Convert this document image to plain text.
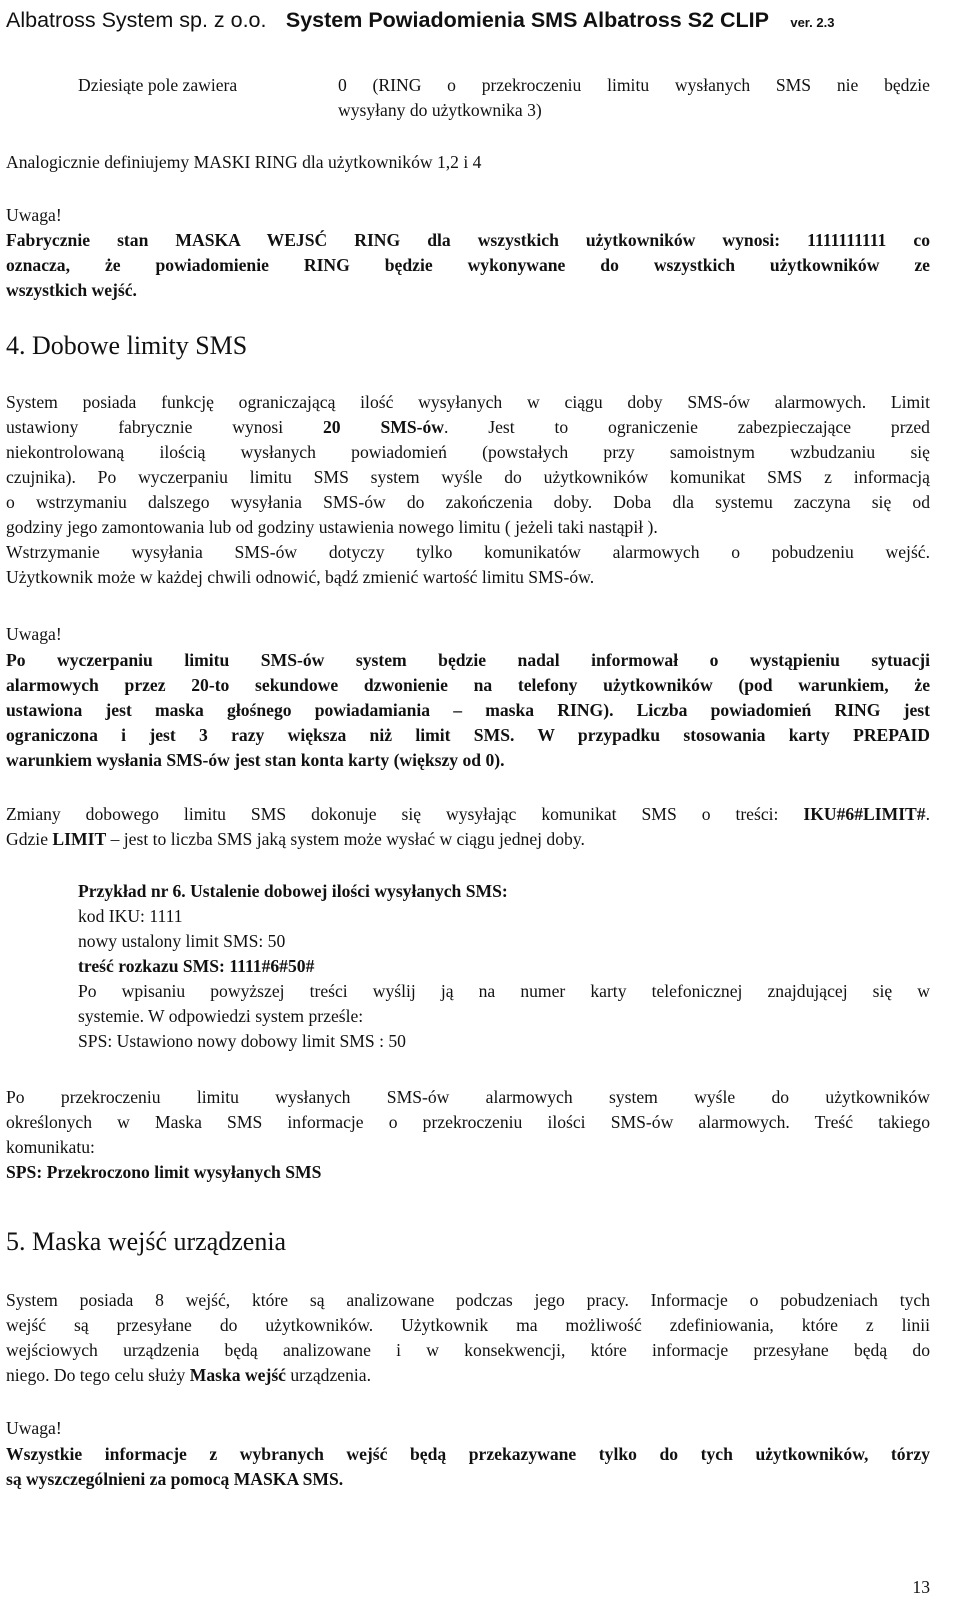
Albatross System sp. z o.o. System Powiadomienia SMS Albatross S2 CLIP ver. 2.3
Dziesiąte pole zawiera	0 (RING o przekroczeniu limitu wysłanych SMS nie będzie
wysyłany do użytkownika 3)
Analogicznie definiujemy MASKI RING dla użytkowników 1,2 i 4
Uwaga!
Fabrycznie stan MASKA WEJSĆ RING dla wszystkich użytkowników wynosi: 1111111111 co
oznacza, że powiadomienie RING będzie wykonywane do wszystkich użytkowników ze
wszystkich wejść.
4. Dobowe limity SMS
System posiada funkcję ograniczającą ilość wysyłanych w ciągu doby SMS-ów alarmowych. Limit
ustawiony fabrycznie wynosi 20 SMS-ów. Jest to ograniczenie zabezpieczające przed
niekontrolowaną ilością wysłanych powiadomień (powstałych przy samoistnym wzbudzaniu się
czujnika). Po wyczerpaniu limitu SMS system wyśle do użytkowników komunikat SMS z informacją
o wstrzymaniu dalszego wysyłania SMS-ów do zakończenia doby. Doba dla systemu zaczyna się od
godziny jego zamontowania lub od godziny ustawienia nowego limitu ( jeżeli taki nastąpił ).
Wstrzymanie wysyłania SMS-ów dotyczy tylko komunikatów alarmowych o pobudzeniu wejść.
Użytkownik może w każdej chwili odnowić, bądź zmienić wartość limitu SMS-ów.
Uwaga!
Po wyczerpaniu limitu SMS-ów system będzie nadal informował o wystąpieniu sytuacji
alarmowych przez 20-to sekundowe dzwonienie na telefony użytkowników (pod warunkiem, że
ustawiona jest maska głośnego powiadamiania – maska RING). Liczba powiadomień RING jest
ograniczona i jest 3 razy większa niż limit SMS. W przypadku stosowania karty PREPAID
warunkiem wysłania SMS-ów jest stan konta karty (większy od 0).
Zmiany dobowego limitu SMS dokonuje się wysyłając komunikat SMS o treści: IKU#6#LIMIT#.
Gdzie LIMIT – jest to liczba SMS jaką system może wysłać w ciągu jednej doby.
Przykład nr 6. Ustalenie dobowej ilości wysyłanych SMS:
kod IKU: 1111
nowy ustalony limit SMS: 50
treść rozkazu SMS: 1111#6#50#
Po wpisaniu powyższej treści wyślij ją na numer karty telefonicznej znajdującej się w
systemie. W odpowiedzi system prześle:
SPS: Ustawiono nowy dobowy limit SMS : 50
Po przekroczeniu limitu wysłanych SMS-ów alarmowych system wyśle do użytkowników
określonych w Maska SMS informacje o przekroczeniu ilości SMS-ów alarmowych. Treść takiego
komunikatu:
SPS: Przekroczono limit wysyłanych SMS
5. Maska wejść urządzenia
System posiada 8 wejść, które są analizowane podczas jego pracy. Informacje o pobudzeniach tych
wejść są przesyłane do użytkowników. Użytkownik ma możliwość zdefiniowania, które z linii
wejściowych urządzenia będą analizowane i w konsekwencji, które informacje przesyłane będą do
niego. Do tego celu służy Maska wejść urządzenia.
Uwaga!
Wszystkie informacje z wybranych wejść będą przekazywane tylko do tych użytkowników, tórzy
są wyszczególnieni za pomocą MASKA SMS.
13
